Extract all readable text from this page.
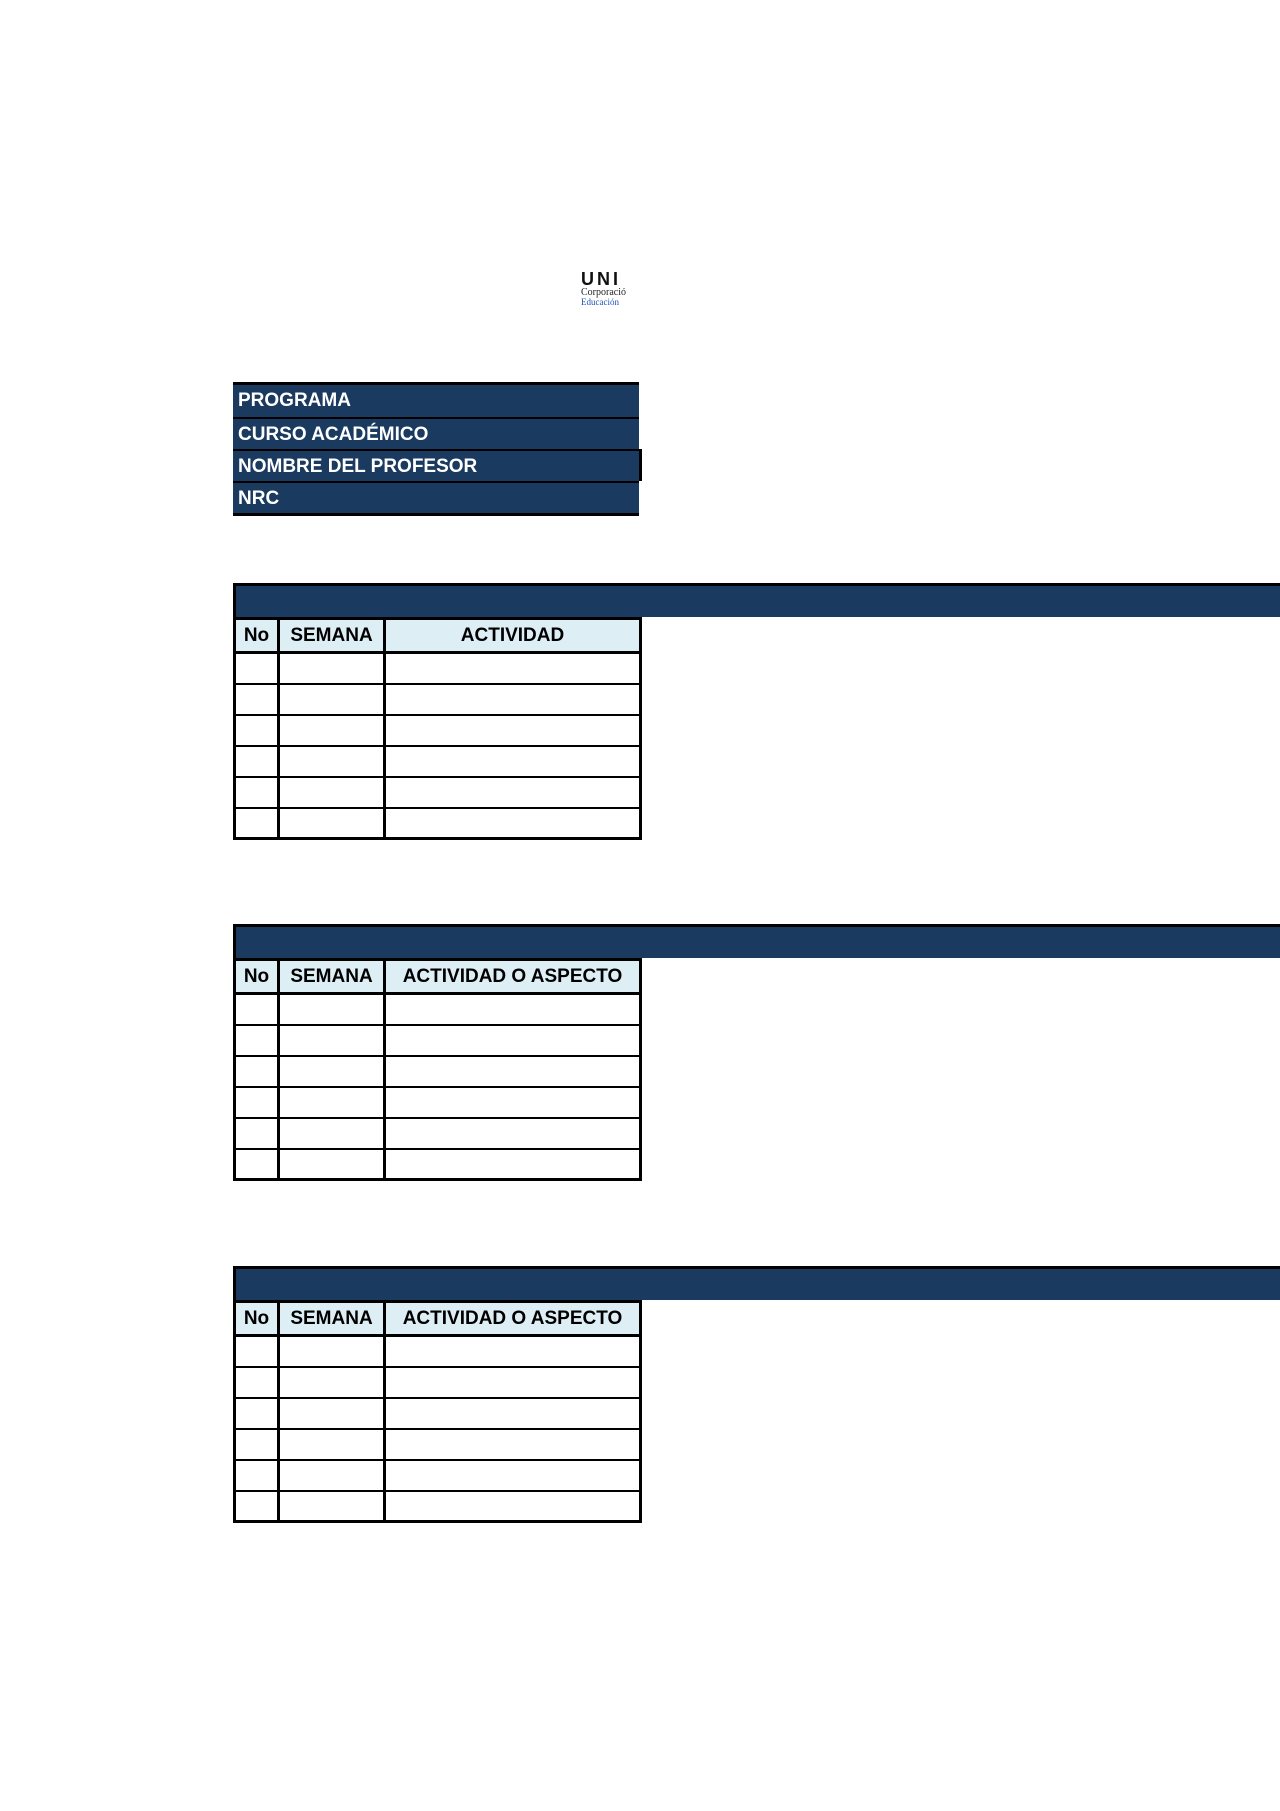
UNI
Corporació
Educación
PROGRAMA
CURSO ACADÉMICO
NOMBRE DEL PROFESOR
NRC
No	SEMANA	ACTIVIDAD

No	SEMANA	ACTIVIDAD O ASPECTO

No	SEMANA	ACTIVIDAD O ASPECTO
